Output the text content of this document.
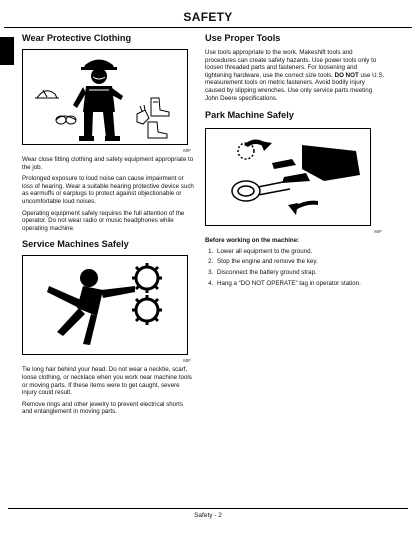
SAFETY
Wear Protective Clothing
MIF

Wear close fitting clothing and safety equipment appropriate to the job.

Prolonged exposure to loud noise can cause impairment or loss of hearing. Wear a suitable hearing protective device such as earmuffs or earplugs to protect against objectionable or uncomfortable loud noises.

Operating equipment safely requires the full attention of the operator. Do not wear radio or music headphones while operating machine.

Service Machines Safely
MIF

Tie long hair behind your head. Do not wear a necktie, scarf, loose clothing, or necklace when you work near machine tools or moving parts. If these items were to get caught, severe injury could result.

Remove rings and other jewelry to prevent electrical shorts and entanglement in moving parts.

Use Proper Tools

Use tools appropriate to the work. Makeshift tools and procedures can create safety hazards. Use power tools only to loosen threaded parts and fasteners. For loosening and tightening hardware, use the correct size tools. DO NOT use U.S. measurement tools on metric fasteners. Avoid bodily injury caused by slipping wrenches. Use only service parts meeting John Deere specifications.

Park Machine Safely
MIF

Before working on the machine:

1. Lower all equipment to the ground.
2. Stop the engine and remove the key.
3. Disconnect the battery ground strap.
4. Hang a “DO NOT OPERATE” tag in operator station.
Safety - 2
